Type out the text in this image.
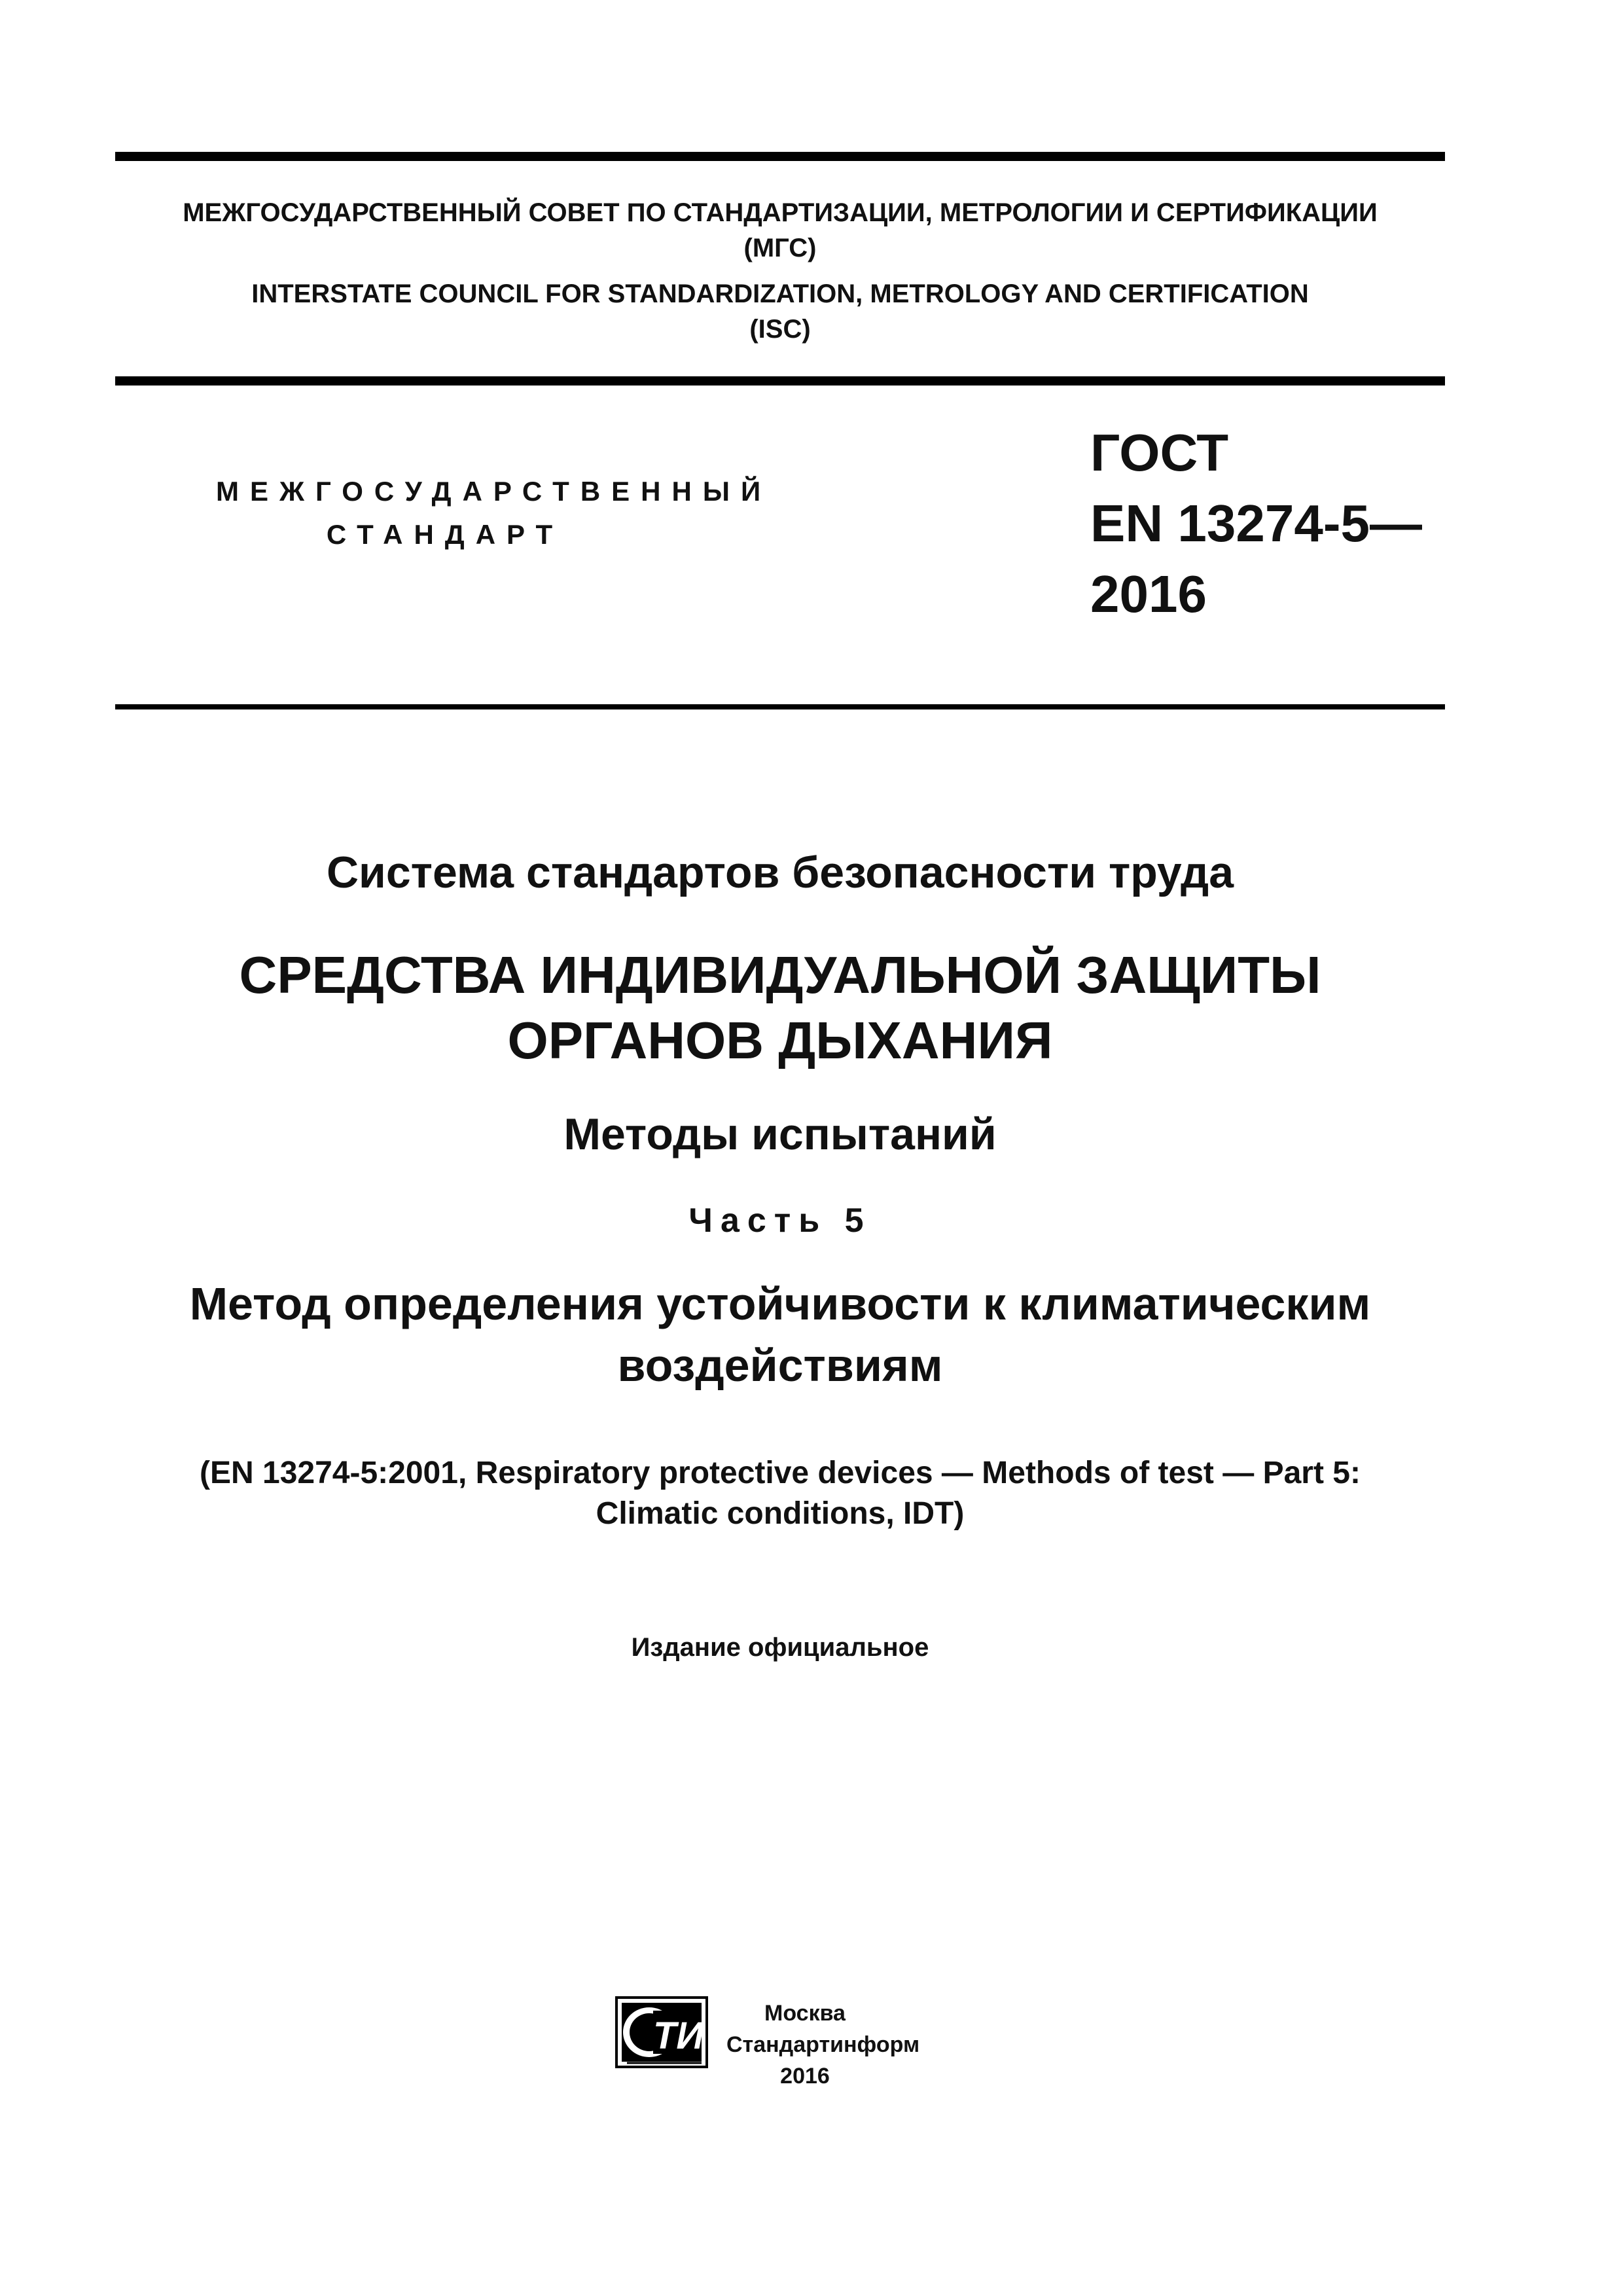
МЕЖГОСУДАРСТВЕННЫЙ СОВЕТ ПО СТАНДАРТИЗАЦИИ, МЕТРОЛОГИИ И СЕРТИФИКАЦИИ
(МГС)
INTERSTATE COUNCIL FOR STANDARDIZATION, METROLOGY AND CERTIFICATION
(ISC)
МЕЖГОСУДАРСТВЕННЫЙ
СТАНДАРТ
ГОСТ
EN 13274-5—
2016
Система стандартов безопасности труда
СРЕДСТВА ИНДИВИДУАЛЬНОЙ ЗАЩИТЫ
ОРГАНОВ ДЫХАНИЯ
Методы испытаний
Часть 5
Метод определения устойчивости к климатическим
воздействиям
(EN 13274-5:2001, Respiratory protective devices — Methods of test — Part 5:
Climatic conditions, IDT)
Издание официальное
ТИ
Москва
Стандартинформ
2016
